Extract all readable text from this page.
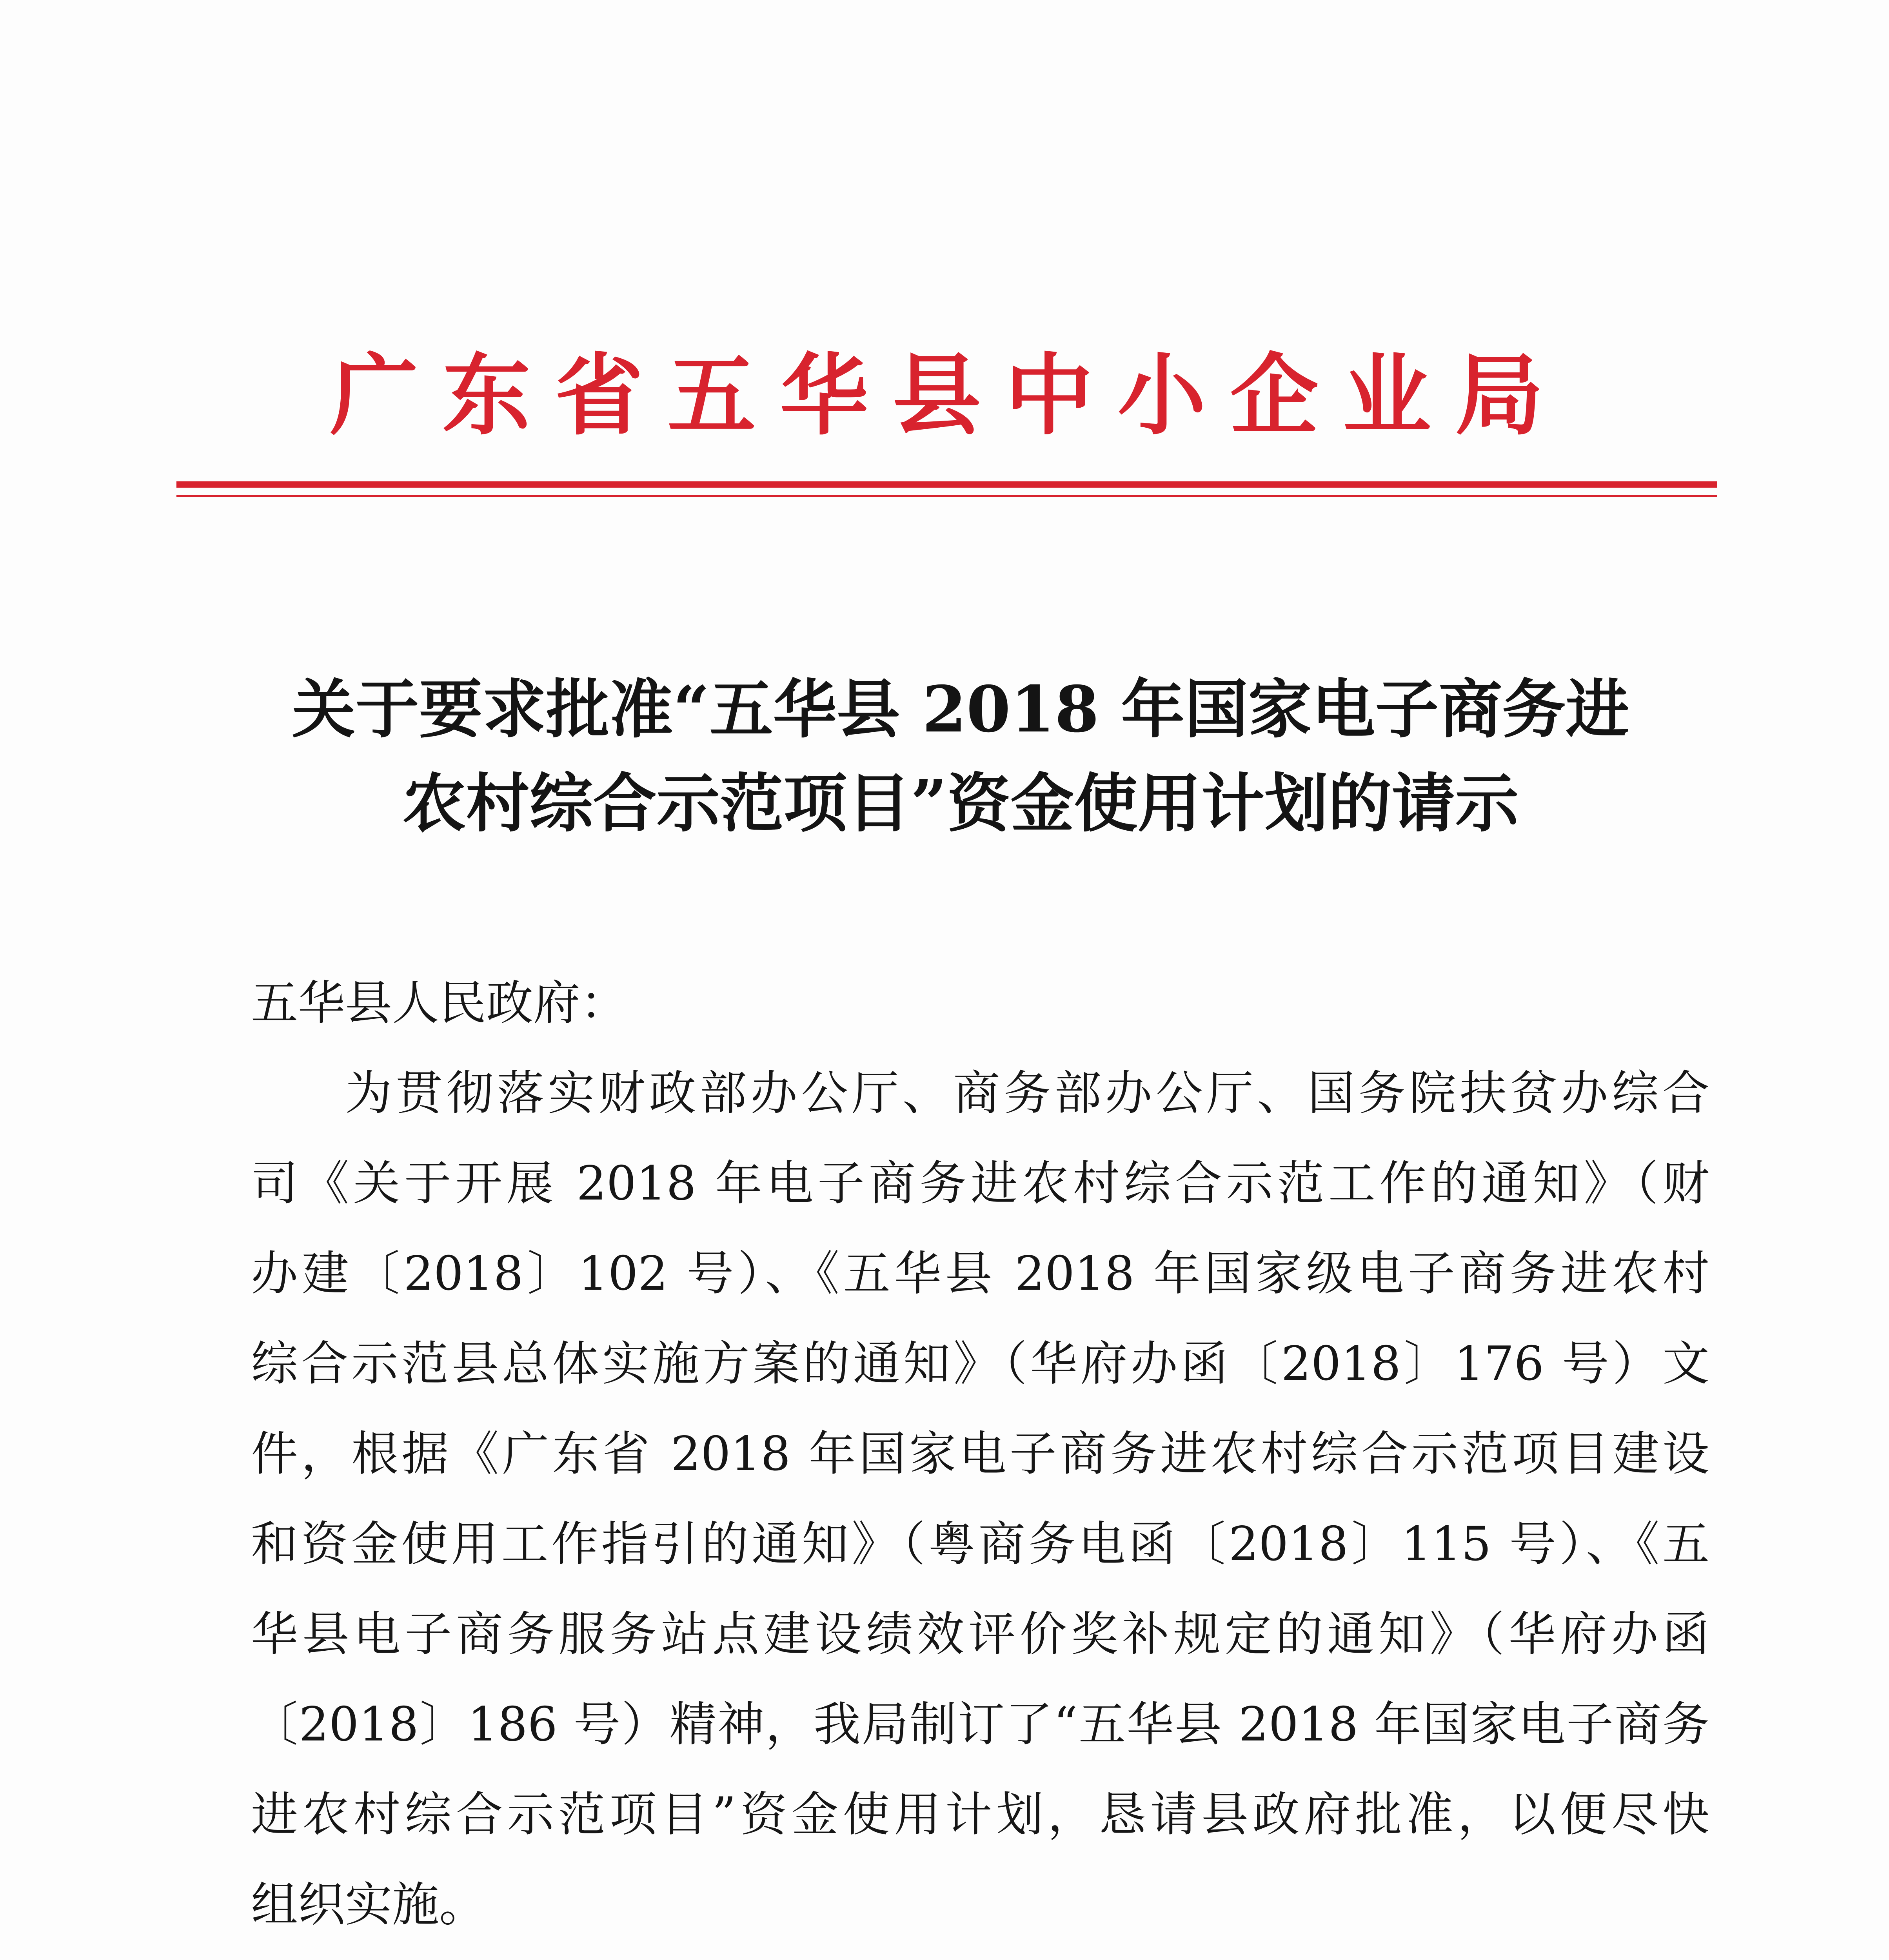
广东省五华县中小企业局
关于要求批准“五华县 2018 年国家电子商务进
农村综合示范项目”资金使用计划的请示
五华县人民政府：
为贯彻落实财政部办公厅、商务部办公厅、国务院扶贫办综合
司《关于开展 2018 年电子商务进农村综合示范工作的通知》（财
办建〔2018〕102 号）、《五华县 2018 年国家级电子商务进农村
综合示范县总体实施方案的通知》（华府办函〔2018〕176 号）文
件，根据《广东省 2018 年国家电子商务进农村综合示范项目建设
和资金使用工作指引的通知》（粤商务电函〔2018〕115 号）、《五
华县电子商务服务站点建设绩效评价奖补规定的通知》（华府办函
〔2018〕186 号）精神，我局制订了“五华县 2018 年国家电子商务
进农村综合示范项目”资金使用计划，恳请县政府批准，以便尽快
组织实施。
